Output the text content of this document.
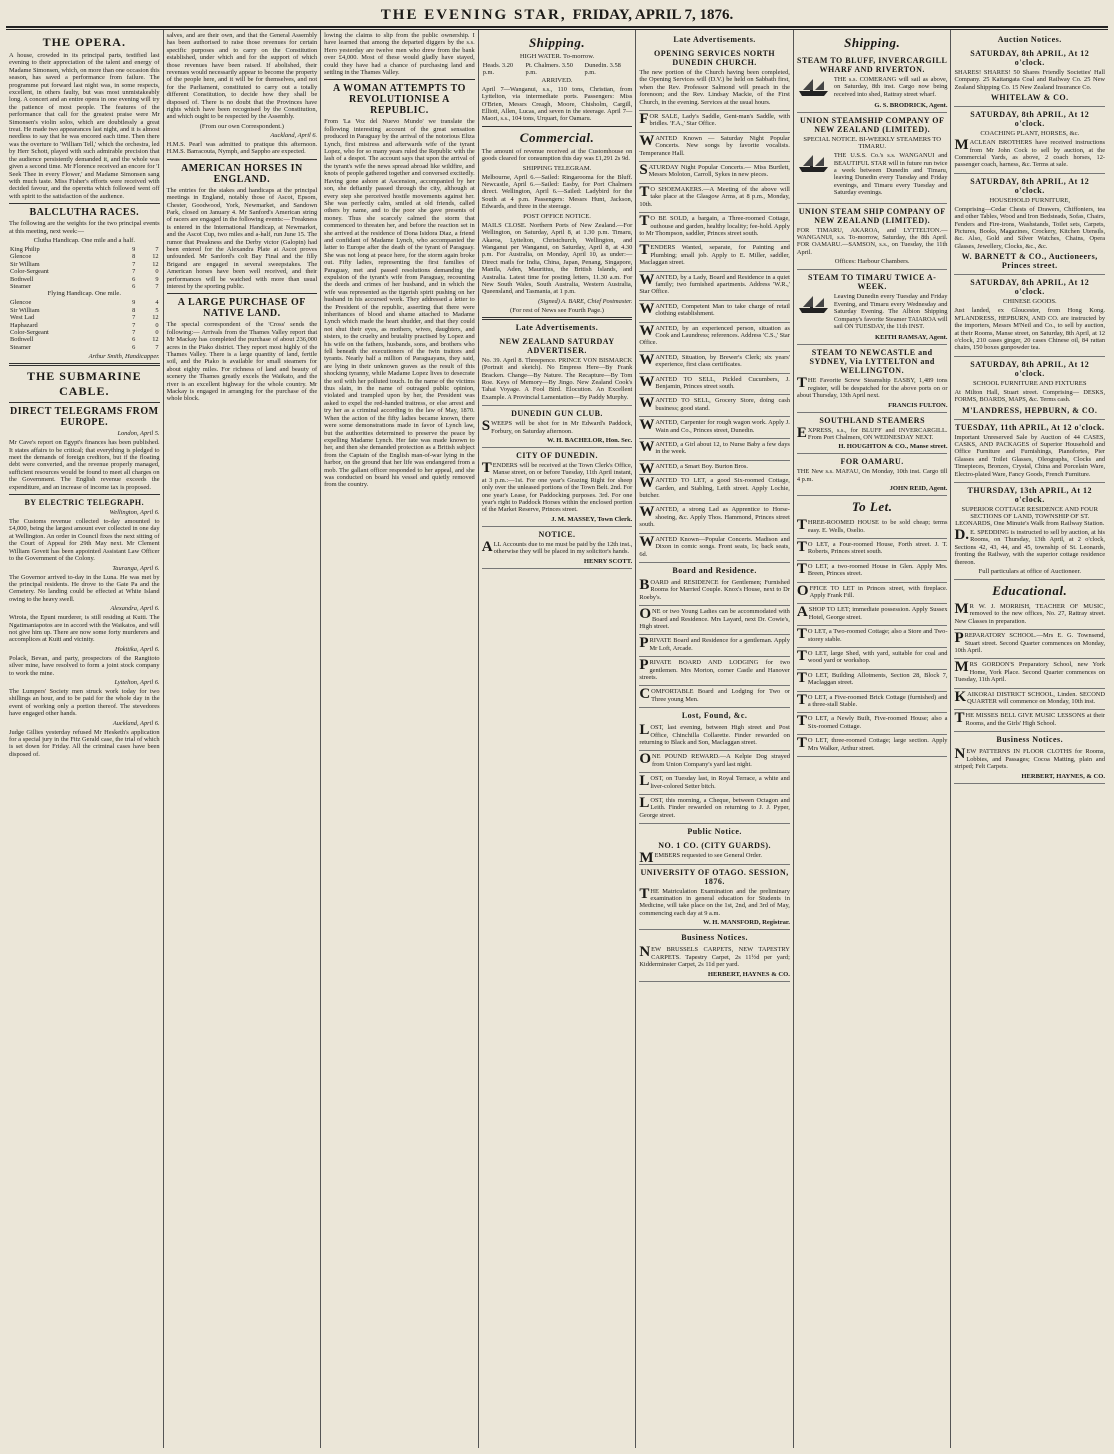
THE EVENING STAR, FRIDAY, APRIL 7, 1876.
THE OPERA.

A house, crowded in its principal parts, testified last evening to their appreciation of the talent and energy of Madame Simonsen, which, on more than one occasion this season, has saved a performance from failure. The programme put forward last night was, in some respects, excellent, in others faulty, but was most unmistakeably long. A concert and an entire opera in one evening will try the patience of most people. The features of the performance that call for the greatest praise were Mr Simonsen's violin solos, which are doubtlessly a great treat. He made two appearances last night, and it is almost needless to say that he was encored each time. Then there was the overture to 'William Tell,' which the orchestra, led by Herr Schott, played with such admirable precision that the audience persistently demanded it, and the whole was given a second time. Mr Florence received an encore for 'I Seek Thee in every Flower,' and Madame Simonsen sang with much taste. Miss Fisher's efforts were received with decided favour, and the operetta which followed went off with spirit to the satisfaction of the audience.

BALCLUTHA RACES.

The following are the weights for the two principal events at this meeting, next week:—

Clutha Handicap. One mile and a half.
King Philip	9	7
Glencoe	8	12
Sir William	7	12
Color-Sergeant	7	0
Bothwell	6	9
Steamer	6	7
Flying Handicap. One mile.
Glencoe	9	4
Sir William	8	5
West Lad	7	12
Haphazard	7	0
Color-Sergeant	7	0
Bothwell	6	12
Steamer	6	7
Arthur Smith, Handicapper.
THE SUBMARINE CABLE.
DIRECT TELEGRAMS FROM EUROPE.
London, April 5.

Mr Cave's report on Egypt's finances has been published. It states affairs to be critical; that everything is pledged to meet the demands of foreign creditors, but if the floating debt were converted, and the revenue properly managed, sufficient resources would be found to meet all charges on the Government. The English revenue exceeds the expenditure, and an increase of income tax is proposed.

BY ELECTRIC TELEGRAPH.
Wellington, April 6.

The Customs revenue collected to-day amounted to £4,000, being the largest amount ever collected in one day at Wellington. An order in Council fixes the next sitting of the Court of Appeal for 29th May next. Mr Clement William Govett has been appointed Assistant Law Officer to the Government of the Colony.

Tauranga, April 6.

The Governor arrived to-day in the Luna. He was met by the principal residents. He drove to the Gate Pa and the Cemetery. No landing could be effected at White Island owing to the heavy swell.

Alexandra, April 6.

Wiroia, the Epuni murderer, is still residing at Kuiti. The Ngatimaniapotos are in accord with the Waikatos, and will not give him up. There are now some forty murderers and accomplices at Kuiti and vicinity.

Hokitika, April 6.

Polack, Bevan, and party, prospectors of the Rangitoto silver mine, have resolved to form a joint stock company to work the mine.

Lyttelton, April 6.

The Lumpers' Society men struck work today for two shillings an hour, and to be paid for the whole day in the event of working only a portion thereof. The stevedores have engaged other hands.

Auckland, April 6.

Judge Gillies yesterday refused Mr Hesketh's application for a special jury in the Fitz Gerald case, the trial of which is set down for Friday. All the criminal cases have been disposed of.

salves, and are their own, and that the General Assembly has been authorised to raise those revenues for certain specific purposes and to carry on the Constitution established, under which and for the support of which those revenues have been raised. If abolished, their revenues would necessarily appear to become the property of the people here, and it will be for themselves, and not for the Parliament, constituted to carry out a totally different Constitution, to decide how they shall be disposed of. There is no doubt that the Provinces have rights which have been recognised by the Constitution, and which ought to be respected by the Assembly.

(From our own Correspondent.)
Auckland, April 6.

H.M.S. Pearl was admitted to pratique this afternoon. H.M.S. Barracouta, Nymph, and Sappho are expected.

AMERICAN HORSES IN ENGLAND.

The entries for the stakes and handicaps at the principal meetings in England, notably those of Ascot, Epsom, Chester, Goodwood, York, Newmarket, and Sandown Park, closed on January 4. Mr Sanford's American string of racers are engaged in the following events:— Freakness is entered in the International Handicap, at Newmarket, and the Ascot Cup, two miles and a-half, run June 15. The rumor that Preakness and the Derby victor (Galopin) had been entered for the Alexandra Plate at Ascot proves unfounded. Mr Sanford's colt Bay Final and the filly Brigand are engaged in several sweepstakes. The American horses have been well received, and their performances will be watched with more than usual interest by the sporting public.

A LARGE PURCHASE OF NATIVE LAND.

The special correspondent of the 'Cross' sends the following:— Arrivals from the Thames Valley report that Mr Mackay has completed the purchase of about 236,000 acres in the Piako district. They report most highly of the Thames Valley. There is a large quantity of land, fertile soil, and the Piako is available for small steamers for about eighty miles. For richness of land and beauty of scenery the Thames greatly excels the Waikato, and the river is an excellent highway for the whole country. Mr Mackay is engaged in arranging for the purchase of the whole block.

lowing the claims to slip from the public ownership. I have learned that among the departed diggers by the s.s. Hero yesterday are twelve men who drew from the bank over £4,000. Most of these would gladly have stayed, could they have had a chance of purchasing land and settling in the Thames Valley.

A WOMAN ATTEMPTS TO REVOLUTIONISE A REPUBLIC.

From 'La Voz del Nuevo Mundo' we translate the following interesting account of the great sensation produced in Paraguay by the arrival of the notorious Eliza Lynch, first mistress and afterwards wife of the tyrant Lopez, who for so many years ruled the Republic with the lash of a despot. The account says that upon the arrival of the tyrant's wife the news spread abroad like wildfire, and knots of people gathered together and conversed excitedly. Having gone ashore at Ascension, accompanied by her son, she defiantly passed through the city, although at every step she perceived hostile movements against her. She was perfectly calm, smiled at old friends, called others by name, and to the poor she gave presents of money. Thus she scarcely calmed the storm that commenced to threaten her, and before the reaction set in she arrived at the residence of Dona Isidora Diaz, a friend and confidant of Madame Lynch, who accompanied the latter to Europe after the death of the tyrant of Paraguay. She was not long at peace here, for the storm again broke out. Fifty ladies, representing the first families of Paraguay, met and passed resolutions demanding the expulsion of the tyrant's wife from Paraguay, recounting the deeds and crimes of her husband, and in which the wife was represented as the tigerish spirit pushing on her husband in his accursed work. They addressed a letter to the President of the republic, asserting that there were inheritances of blood and shame attached to Madame Lynch which made the heart shudder, and that they could not shut their eyes, as mothers, wives, daughters, and sisters, to the cruelty and brutality practised by Lopez and his wife on the fathers, husbands, sons, and brothers who fell beneath the executioners of the twin traitors and tyrants. Nearly half a million of Paraguayans, they said, are lying in their unknown graves as the result of this shocking tyranny, while Madame Lopez lives to desecrate the soil with her polluted touch. In the name of the victims thus slain, in the name of outraged public opinion, violated and trampled upon by her, the President was asked to expel the red-handed traitress, or else arrest and try her as a criminal according to the law of May, 1870. When the action of the fifty ladies became known, there were some demonstrations made in favor of Lynch law, but the authorities determined to preserve the peace by expelling Madame Lynch. Her fate was made known to her, and then she demanded protection as a British subject from the Captain of the English man-of-war lying in the harbor, on the ground that her life was endangered from a mob. The gallant officer responded to her appeal, and she was conducted on board his vessel and quietly removed from the country.

Shipping.
HIGH WATER. To-morrow.
Heads. 3.20 p.m.	Pt. Chalmers. 3.50 p.m.	Dunedin. 3.58 p.m.
ARRIVED.

April 7—Wanganui, s.s., 110 tons, Christian, from Lyttelton, via intermediate ports. Passengers: Miss O'Brien, Messrs Creagh, Moore, Chisholm, Cargill, Elliott, Allen, Lucas, and seven in the steerage. April 7—Maori, s.s., 104 tons, Urquart, for Oamaru.

Commercial.

The amount of revenue received at the Customhouse on goods cleared for consumption this day was £1,291 2s 9d.

SHIPPING TELEGRAM.

Melbourne, April 6.—Sailed: Ringarooma for the Bluff. Newcastle, April 6.—Sailed: Easby, for Port Chalmers direct. Wellington, April 6.—Sailed: Ladybird for the South at 4 p.m. Passengers: Messrs Hunt, Jackson, Edwards, and three in the steerage.

POST OFFICE NOTICE.

MAILS CLOSE. Northern Ports of New Zealand.—For Wellington, on Saturday, April 8, at 1.30 p.m. Timaru, Akaroa, Lyttelton, Christchurch, Wellington, and Wanganui per Wanganui, on Saturday, April 8, at 4.30 p.m. For Australia, on Monday, April 10, as under:—Direct mails for India, China, Japan, Penang, Singapore, Manila, Aden, Mauritius, the British Islands, and Australia. Latest time for posting letters, 11.30 a.m. For New South Wales, South Australia, Western Australia, Queensland, and Tasmania, at 1 p.m.

(Signed) A. BARE, Chief Postmaster.
(For rest of News see Fourth Page.)
Late Advertisements.
NEW ZEALAND SATURDAY ADVERTISER.

No. 39. April 8. Threepence. PRINCE VON BISMARCK (Portrait and sketch). No Empress Here—By Frank Bracken. Change—By Nature. The Recapture—By Tom Roe. Keys of Memory—By Jingo. New Zealand Cook's Tahai Voyage. A Fool Bird. Elocution. An Excellent Example. A Provincial Lamentation—By Paddy Murphy.

DUNEDIN GUN CLUB.

SWEEPS will be shot for in Mr Edward's Paddock, Forbury, on Saturday afternoon.

W. H. BACHELOR, Hon. Sec.
CITY OF DUNEDIN.

TENDERS will be received at the Town Clerk's Office, Manse street, on or before Tuesday, 11th April instant, at 3 p.m.:—1st. For one year's Grazing Right for sheep only over the unleased portions of the Town Belt. 2nd. For one year's Lease, for Paddocking purposes. 3rd. For one year's right to Paddock Horses within the enclosed portion of the Market Reserve, Princes street.

J. M. MASSEY, Town Clerk.
NOTICE.

ALL Accounts due to me must be paid by the 12th inst., otherwise they will be placed in my solicitor's hands.

HENRY SCOTT.
Late Advertisements.
OPENING SERVICES NORTH DUNEDIN CHURCH.

The new portion of the Church having been completed, the Opening Services will (D.V.) be held on Sabbath first, when the Rev. Professor Salmond will preach in the forenoon; and the Rev. Lindsay Mackie, of the First Church, in the evening. Services at the usual hours.

FOR SALE, Lady's Saddle, Gent-man's Saddle, with bridles. 'F.A.,' Star Office.

WANTED Known — Saturday Night Popular Concerts. New songs by favorite vocalists. Temperance Hall.

SATURDAY Night Popular Concerts.— Miss Burtlett, Messrs Moloton, Carroll, Sykes in new pieces.

TO SHOEMAKERS.—A Meeting of the above will take place at the Glasgow Arms, at 8 p.m., Monday, 10th.

TO BE SOLD, a bargain, a Three-roomed Cottage, outhouse and garden, healthy locality; fee-hold. Apply to Mr Thompson, saddler, Princes street south.

TENDERS Wanted, separate, for Painting and Plumbing; small job. Apply to E. Miller, saddler, Maclaggan street.

WANTED, by a Lady, Board and Residence in a quiet family; two furnished apartments. Address 'W.R.,' Star Office.

WANTED, Competent Man to take charge of retail clothing establishment.

WANTED, by an experienced person, situation as Cook and Laundress; references. Address 'C.S.,' Star Office.

WANTED, Situation, by Brewer's Clerk; six years' experience, first class certificates.

WANTED TO SELL, Pickled Cucumbers, J. Benjamin, Princes street south.

WANTED TO SELL, Grocery Store, doing cash business; good stand.

WANTED, Carpenter for rough wagon work. Apply J. Wain and Co., Princes street, Dunedin.

WANTED, a Girl about 12, to Nurse Baby a few days in the week.

WANTED, a Smart Boy. Burton Bros.

WANTED TO LET, a good Six-roomed Cottage, Garden, and Stabling, Leith street. Apply Lochie, butcher.

WANTED, a strong Lad as Apprentice to Horse-shoeing, &c. Apply Thos. Hammond, Princes street south.

WANTED Known—Popular Concerts. Madison and Dixon in comic songs. Front seats, 1s; back seats, 6d.

Board and Residence.

BOARD and RESIDENCE for Gentlemen; Furnished Rooms for Married Couple. Knox's House, next to Dr Roeby's.

ONE or two Young Ladies can be accommodated with Board and Residence. Mrs Layard, next Dr. Cowie's, High street.

PRIVATE Board and Residence for a gentleman. Apply Mr Loft, Arcade.

PRIVATE BOARD AND LODGING for two gentlemen. Mrs Morton, corner Castle and Hanover streets.

COMFORTABLE Board and Lodging for Two or Three young Men.

Lost, Found, &c.

LOST, last evening, between High street and Post Office, Chinchilla Collarette. Finder rewarded on returning to Black and Son, Maclaggan street.

ONE POUND REWARD.—A Kelpie Dog strayed from Union Company's yard last night.

LOST, on Tuesday last, in Royal Terrace, a white and liver-colored Setter bitch.

LOST, this morning, a Cheque, between Octagon and Leith. Finder rewarded on returning to J. J. Pyper, George street.

Public Notice.
NO. 1 CO. (CITY GUARDS).

MEMBERS requested to see General Order.

UNIVERSITY OF OTAGO. SESSION, 1876.

THE Matriculation Examination and the preliminary examination in general education for Students in Medicine, will take place on the 1st, 2nd, and 3rd of May, commencing each day at 9 a.m.

W. H. MANSFORD, Registrar.
Business Notices.

NEW BRUSSELS CARPETS, NEW TAPESTRY CARPETS. Tapestry Carpet, 2s 11½d per yard; Kidderminster Carpet, 2s 11d per yard.

HERBERT, HAYNES & CO.
Shipping.
STEAM TO BLUFF, INVERCARGILL WHARF AND RIVERTON.

THE s.s. COMERANG will sail as above, on Saturday, 8th inst. Cargo now being received into shed, Rattray street wharf.

G. S. BRODRICK, Agent.
UNION STEAMSHIP COMPANY OF NEW ZEALAND (LIMITED).
SPECIAL NOTICE. BI-WEEKLY STEAMERS TO TIMARU.

THE U.S.S. Co.'s s.s. WANGANUI and BEAUTIFUL STAR will in future run twice a week between Dunedin and Timaru, leaving Dunedin every Tuesday and Friday evenings, and Timaru every Tuesday and Saturday evenings.

UNION STEAM SHIP COMPANY OF NEW ZEALAND (LIMITED).

FOR TIMARU, AKAROA, and LYTTELTON.—WANGANUI, s.s. To-morrow, Saturday, the 8th April. FOR OAMARU.—SAMSON, s.s., on Tuesday, the 11th April.

Offices: Harbour Chambers.
STEAM TO TIMARU TWICE A-WEEK.

Leaving Dunedin every Tuesday and Friday Evening, and Timaru every Wednesday and Saturday Evening. The Albion Shipping Company's favorite Steamer TAIAROA will sail ON TUESDAY, the 11th INST.

KEITH RAMSAY, Agent.
STEAM TO NEWCASTLE and SYDNEY, Via LYTTELTON and WELLINGTON.

THE Favorite Screw Steamship EASBY, 1,489 tons register, will be despatched for the above ports on or about Thursday, 13th April next.

FRANCIS FULTON.
SOUTHLAND STEAMERS

EXPRESS, s.s., for BLUFF and INVERCARGILL. From Port Chalmers, ON WEDNESDAY NEXT.

H. HOUGHTON & CO., Manse street.
FOR OAMARU.

THE New s.s. MAFAU, On Monday, 10th inst. Cargo till 4 p.m.

JOHN REID, Agent.
To Let.

THREE-ROOMED HOUSE to be sold cheap; terms easy. E. Wells, Oselio.

TO LET, a Four-roomed House, Forth street. J. T. Roberts, Princes street south.

TO LET, a two-roomed House in Glen. Apply Mrs. Breen, Princes street.

OFFICE TO LET in Princes street, with fireplace. Apply Frank Fill.

ASHOP TO LET; immediate possession. Apply Sussex Hotel, George street.

TO LET, a Two-roomed Cottage; also a Store and Two-storey stable.

TO LET, large Shed, with yard, suitable for coal and wood yard or workshop.

TO LET, Building Allotments, Section 28, Block 7, Maclaggan street.

TO LET, a Five-roomed Brick Cottage (furnished) and a three-stall Stable.

TO LET, a Newly Built, Five-roomed House; also a Six-roomed Cottage.

TO LET, three-roomed Cottage; large section. Apply Mrs Walker, Arthur street.

Auction Notices.
SATURDAY, 8th APRIL, At 12 o'clock.

SHARES! SHARES! 50 Shares Friendly Societies' Hall Company. 25 Kaitangata Coal and Railway Co. 25 New Zealand Shipping Co. 15 New Zealand Insurance Co.

WHITELAW & CO.
SATURDAY, 8th APRIL, At 12 o'clock.
COACHING PLANT, HORSES, &c.

MACLEAN BROTHERS have received instructions from Mr John Cock to sell by auction, at the Commercial Yards, as above, 2 coach horses, 12-passenger coach, harness, &c. Terms at sale.

SATURDAY, 8th APRIL, At 12 o'clock.
HOUSEHOLD FURNITURE,

Comprising—Cedar Chests of Drawers, Chiffoniers, tea and other Tables, Wood and Iron Bedsteads, Sofas, Chairs, Fenders and Fire-irons, Washstands, Toilet sets, Carpets, Pictures, Books, Magazines, Crockery, Kitchen Utensils, &c. Also, Gold and Silver Watches, Chains, Opera Glasses, Jewellery, Clocks, &c., &c.

W. BARNETT & CO., Auctioneers, Princes street.
SATURDAY, 8th APRIL, At 12 o'clock.
CHINESE GOODS.

Just landed, ex Gloucester, from Hong Kong. M'LANDRESS, HEPBURN, AND CO. are instructed by the importers, Messrs M'Neil and Co., to sell by auction, at their Rooms, Manse street, on Saturday, 8th April, at 12 o'clock, 210 cases ginger, 20 cases Chinese oil, 84 rattan chairs, 150 boxes gunpowder tea.

SATURDAY, 8th APRIL, At 12 o'clock.
SCHOOL FURNITURE AND FIXTURES

At Milton Hall, Stuart street. Comprising— DESKS, FORMS, BOARDS, MAPS, &c. Terms cash.

M'LANDRESS, HEPBURN, & CO.
TUESDAY, 11th APRIL, At 12 o'clock.

Important Unreserved Sale by Auction of 44 CASES, CASKS, AND PACKAGES of Superior Household and Office Furniture and Furnishings, Pianofortes, Pier Glasses and Toilet Glasses, Oleographs, Clocks and Timepieces, Bronzes, Crystal, China and Porcelain Ware, Electro-plated Ware, Fancy Goods, French Furniture.

THURSDAY, 13th APRIL, At 12 o'clock.
SUPERIOR COTTAGE RESIDENCE AND FOUR SECTIONS OF LAND, TOWNSHIP OF ST. LEONARDS, One Minute's Walk from Railway Station.

D.E. SPEDDING is instructed to sell by auction, at his Rooms, on Thursday, 13th April, at 2 o'clock, Sections 42, 43, 44, and 45, township of St. Leonards, fronting the Railway, with the superior cottage residence thereon.

Full particulars at office of Auctioneer.
Educational.

MR W. J. MORRISH, TEACHER OF MUSIC, removed to the new offices, No. 27, Rattray street. New Classes in preparation.

PREPARATORY SCHOOL.—Mrs E. G. Townsend, Stuart street. Second Quarter commences on Monday, 10th April.

MRS GORDON'S Preparatory School, new York Home, York Place. Second Quarter commences on Tuesday, 11th April.

KAIKORAI DISTRICT SCHOOL, Linden. SECOND QUARTER will commence on Monday, 10th inst.

THE MISSES BELL GIVE MUSIC LESSONS at their Rooms, and the Girls' High School.

Business Notices.

NEW PATTERNS IN FLOOR CLOTHS for Rooms, Lobbies, and Passages; Cocoa Matting, plain and striped; Felt Carpets.

HERBERT, HAYNES, & CO.
